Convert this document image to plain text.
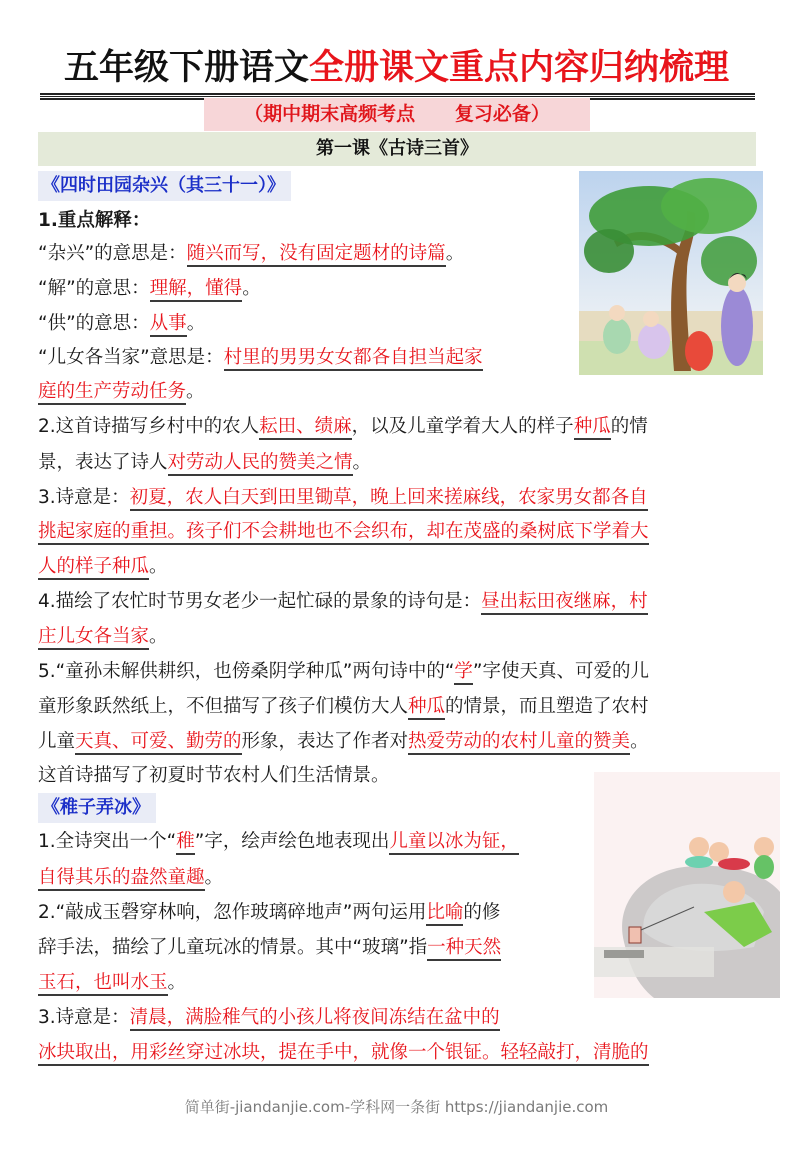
五年级下册语文全册课文重点内容归纳梳理
（期中期末高频考点      复习必备）
第一课《古诗三首》
《四时田园杂兴（其三十一）》
1.重点解释：
“杂兴”的意思是：随兴而写，没有固定题材的诗篇。
“解”的意思：理解，懂得。
“供”的意思：从事。
“儿女各当家”意思是：村里的男男女女都各自担当起家
庭的生产劳动任务。
2.这首诗描写乡村中的农人耘田、绩麻，以及儿童学着大人的样子种瓜的情
景，表达了诗人对劳动人民的赞美之情。
3.诗意是：初夏，农人白天到田里锄草，晚上回来搓麻线，农家男女都各自
挑起家庭的重担。孩子们不会耕地也不会织布，却在茂盛的桑树底下学着大
人的样子种瓜。
4.描绘了农忙时节男女老少一起忙碌的景象的诗句是：昼出耘田夜继麻，村
庄儿女各当家。
5.“童孙未解供耕织，也傍桑阴学种瓜”两句诗中的“学”字使天真、可爱的儿
童形象跃然纸上，不但描写了孩子们模仿大人种瓜的情景，而且塑造了农村
儿童天真、可爱、勤劳的形象，表达了作者对热爱劳动的农村儿童的赞美。
这首诗描写了初夏时节农村人们生活情景。
《稚子弄冰》
1.全诗突出一个“稚”字，绘声绘色地表现出儿童以冰为钲，
自得其乐的盎然童趣。
2.“敲成玉磬穿林响，忽作玻璃碎地声”两句运用比喻的修
辞手法，描绘了儿童玩冰的情景。其中“玻璃”指一种天然
玉石，也叫水玉。
3.诗意是：清晨，满脸稚气的小孩儿将夜间冻结在盆中的
冰块取出，用彩丝穿过冰块，提在手中，就像一个银钲。轻轻敲打，清脆的
简单街-jiandanjie.com-学科网一条街 https://jiandanjie.com
